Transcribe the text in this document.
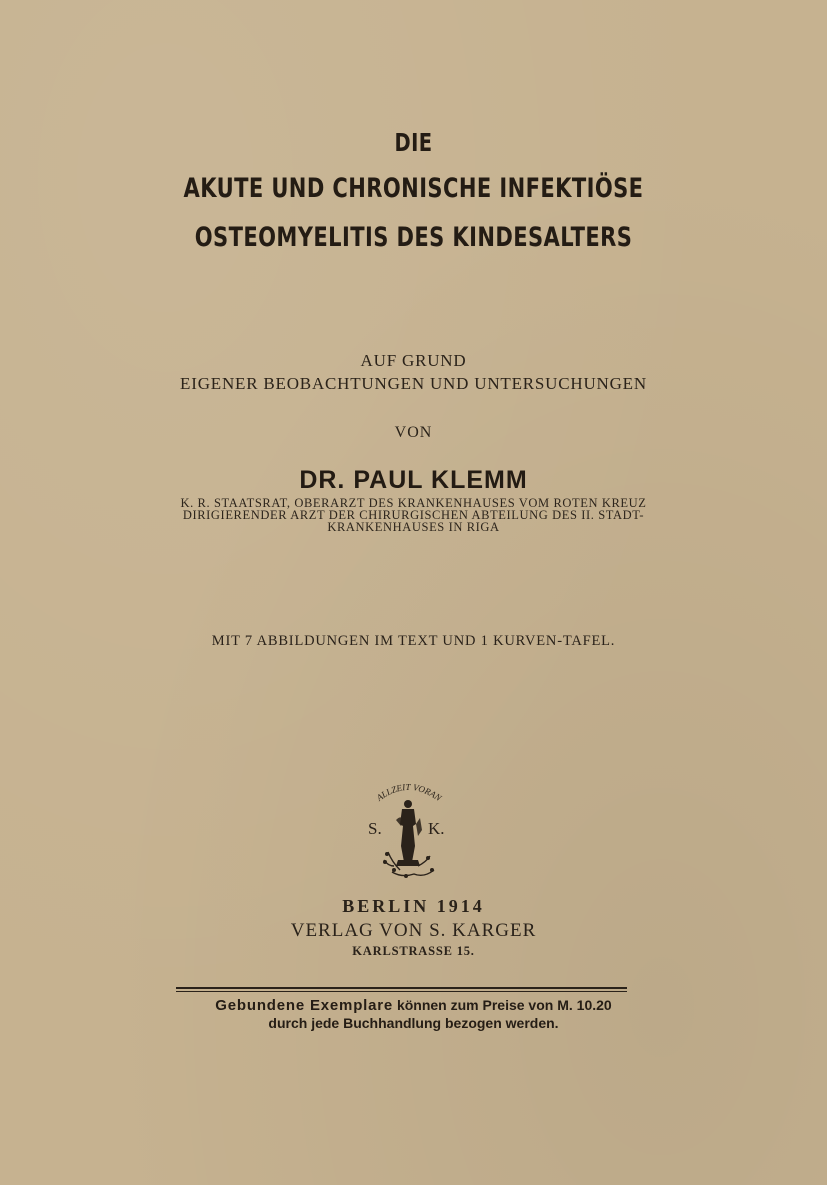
DIE
AKUTE UND CHRONISCHE INFEKTIÖSE
OSTEOMYELITIS DES KINDESALTERS
AUF GRUND
EIGENER BEOBACHTUNGEN UND UNTERSUCHUNGEN
VON
DR. PAUL KLEMM
K. R. STAATSRAT, OBERARZT DES KRANKENHAUSES VOM ROTEN KREUZ
DIRIGIERENDER ARZT DER CHIRURGISCHEN ABTEILUNG DES II. STADT-
KRANKENHAUSES IN RIGA
MIT 7 ABBILDUNGEN IM TEXT UND 1 KURVEN-TAFEL.
ALLZEIT VORAN
S.	K.
BERLIN 1914
VERLAG VON S. KARGER
KARLSTRASSE 15.
Gebundene Exemplare können zum Preise von M. 10.20
durch jede Buchhandlung bezogen werden.
